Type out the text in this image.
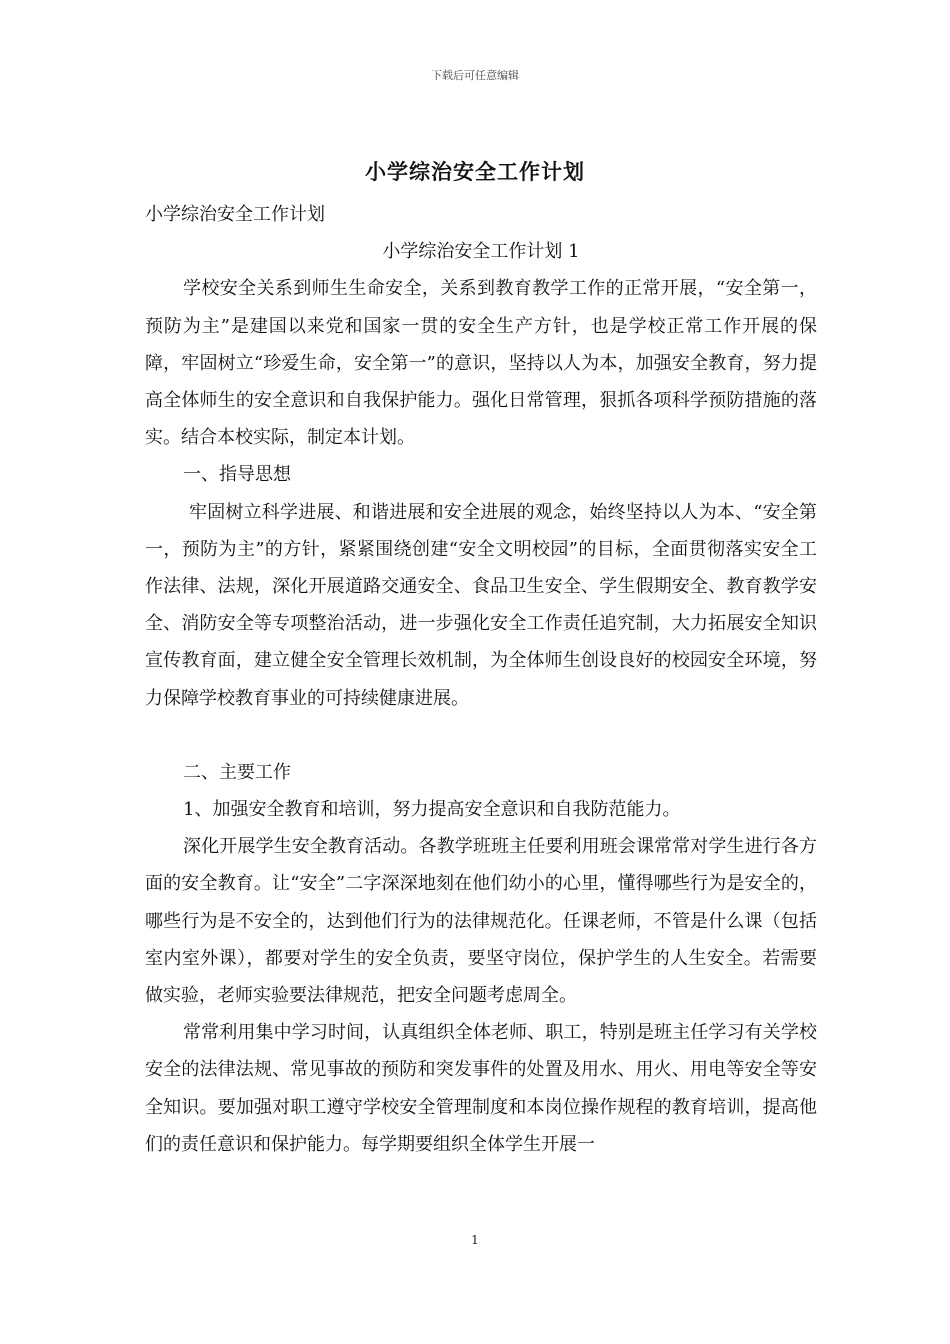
下载后可任意编辑
小学综治安全工作计划

小学综治安全工作计划

小学综治安全工作计划 1

学校安全关系到师生生命安全，关系到教育教学工作的正常开展，“安全第一，预防为主”是建国以来党和国家一贯的安全生产方针，也是学校正常工作开展的保障，牢固树立“珍爱生命，安全第一”的意识，坚持以人为本，加强安全教育，努力提高全体师生的安全意识和自我保护能力。强化日常管理，狠抓各项科学预防措施的落实。结合本校实际，制定本计划。

一、指导思想

牢固树立科学进展、和谐进展和安全进展的观念，始终坚持以人为本、“安全第一，预防为主”的方针，紧紧围绕创建“安全文明校园”的目标，全面贯彻落实安全工作法律、法规，深化开展道路交通安全、食品卫生安全、学生假期安全、教育教学安全、消防安全等专项整治活动，进一步强化安全工作责任追究制，大力拓展安全知识宣传教育面，建立健全安全管理长效机制，为全体师生创设良好的校园安全环境，努力保障学校教育事业的可持续健康进展。

二、主要工作

1、加强安全教育和培训，努力提高安全意识和自我防范能力。

深化开展学生安全教育活动。各教学班班主任要利用班会课常常对学生进行各方面的安全教育。让“安全”二字深深地刻在他们幼小的心里，懂得哪些行为是安全的，哪些行为是不安全的，达到他们行为的法律规范化。任课老师，不管是什么课（包括室内室外课），都要对学生的安全负责，要坚守岗位，保护学生的人生安全。若需要做实验，老师实验要法律规范，把安全问题考虑周全。

常常利用集中学习时间，认真组织全体老师、职工，特别是班主任学习有关学校安全的法律法规、常见事故的预防和突发事件的处置及用水、用火、用电等安全等安全知识。要加强对职工遵守学校安全管理制度和本岗位操作规程的教育培训，提高他们的责任意识和保护能力。每学期要组织全体学生开展一

1
